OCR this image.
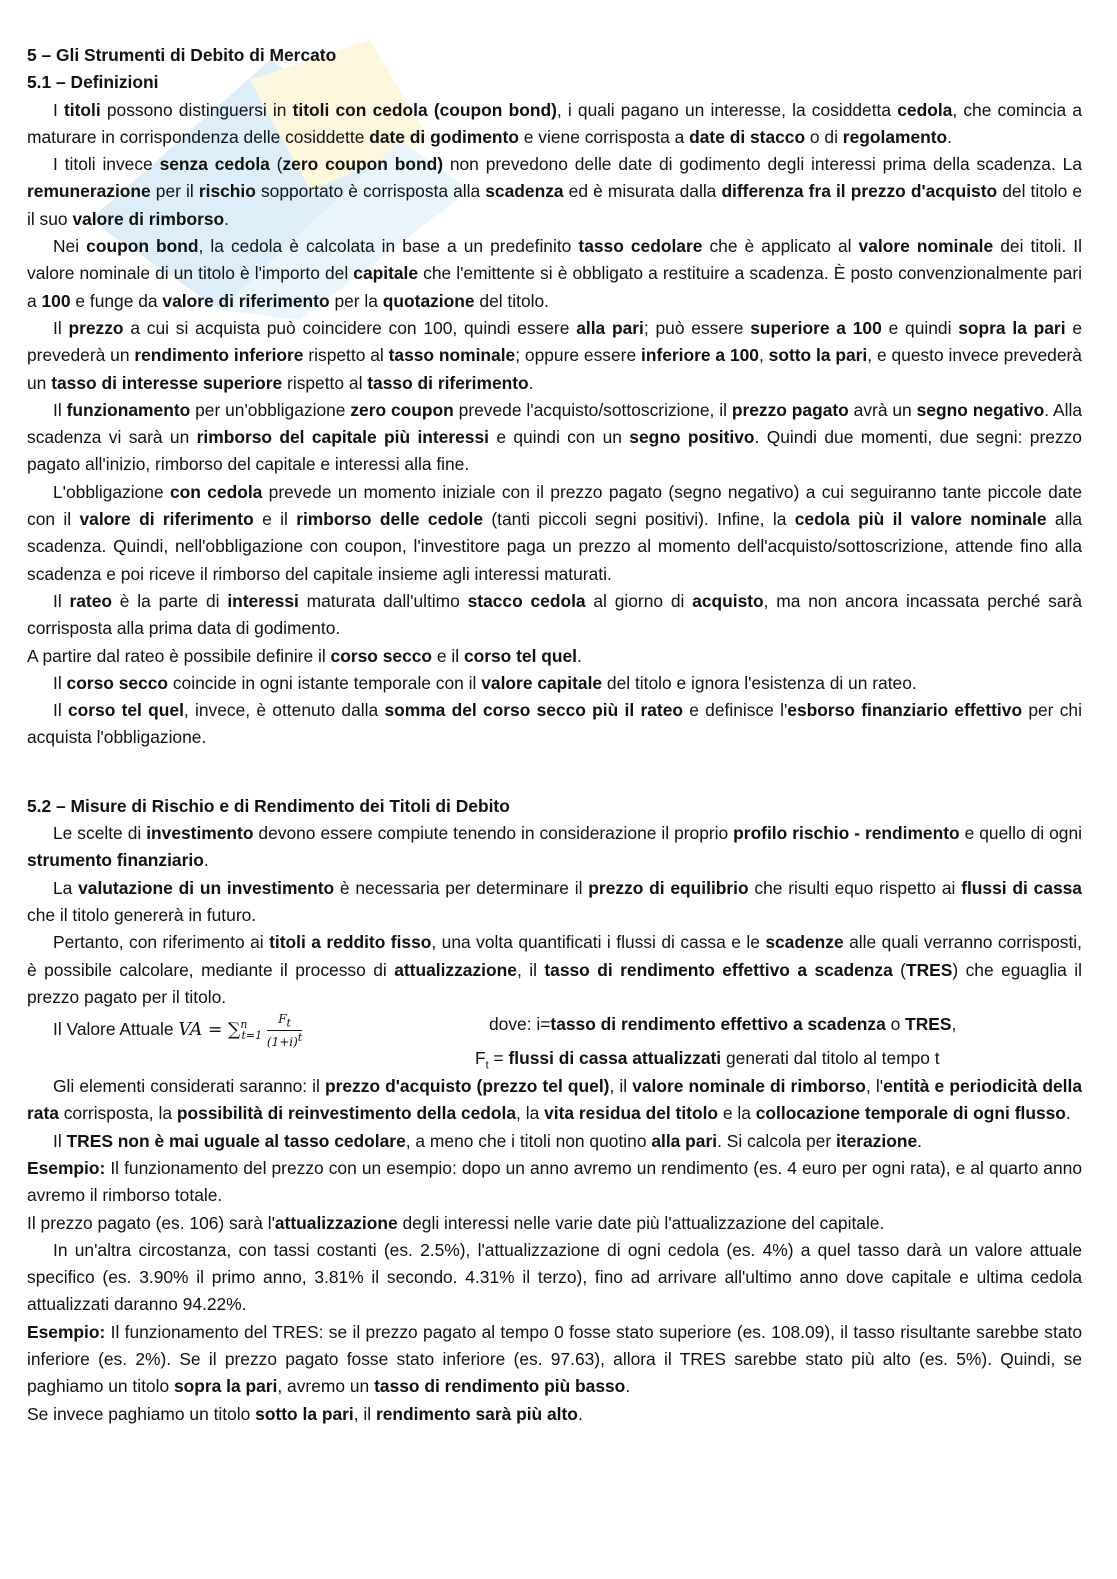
5 – Gli Strumenti di Debito di Mercato
5.1 – Definizioni

I titoli possono distinguersi in titoli con cedola (coupon bond), i quali pagano un interesse, la cosiddetta cedola, che comincia a maturare in corrispondenza delle cosiddette date di godimento e viene corrisposta a date di stacco o di regolamento.

I titoli invece senza cedola (zero coupon bond) non prevedono delle date di godimento degli interessi prima della scadenza. La remunerazione per il rischio sopportato è corrisposta alla scadenza ed è misurata dalla differenza fra il prezzo d'acquisto del titolo e il suo valore di rimborso.

Nei coupon bond, la cedola è calcolata in base a un predefinito tasso cedolare che è applicato al valore nominale dei titoli. Il valore nominale di un titolo è l'importo del capitale che l'emittente si è obbligato a restituire a scadenza. È posto convenzionalmente pari a 100 e funge da valore di riferimento per la quotazione del titolo.

Il prezzo a cui si acquista può coincidere con 100, quindi essere alla pari; può essere superiore a 100 e quindi sopra la pari e prevederà un rendimento inferiore rispetto al tasso nominale; oppure essere inferiore a 100, sotto la pari, e questo invece prevederà un tasso di interesse superiore rispetto al tasso di riferimento.

Il funzionamento per un'obbligazione zero coupon prevede l'acquisto/sottoscrizione, il prezzo pagato avrà un segno negativo. Alla scadenza vi sarà un rimborso del capitale più interessi e quindi con un segno positivo. Quindi due momenti, due segni: prezzo pagato all'inizio, rimborso del capitale e interessi alla fine.

L'obbligazione con cedola prevede un momento iniziale con il prezzo pagato (segno negativo) a cui seguiranno tante piccole date con il valore di riferimento e il rimborso delle cedole (tanti piccoli segni positivi). Infine, la cedola più il valore nominale alla scadenza. Quindi, nell'obbligazione con coupon, l'investitore paga un prezzo al momento dell'acquisto/sottoscrizione, attende fino alla scadenza e poi riceve il rimborso del capitale insieme agli interessi maturati.

Il rateo è la parte di interessi maturata dall'ultimo stacco cedola al giorno di acquisto, ma non ancora incassata perché sarà corrisposta alla prima data di godimento.

A partire dal rateo è possibile definire il corso secco e il corso tel quel.

Il corso secco coincide in ogni istante temporale con il valore capitale del titolo e ignora l'esistenza di un rateo.

Il corso tel quel, invece, è ottenuto dalla somma del corso secco più il rateo e definisce l'esborso finanziario effettivo per chi acquista l'obbligazione.

5.2 – Misure di Rischio e di Rendimento dei Titoli di Debito

Le scelte di investimento devono essere compiute tenendo in considerazione il proprio profilo rischio - rendimento e quello di ogni strumento finanziario.

La valutazione di un investimento è necessaria per determinare il prezzo di equilibrio che risulti equo rispetto ai flussi di cassa che il titolo genererà in futuro.

Pertanto, con riferimento ai titoli a reddito fisso, una volta quantificati i flussi di cassa e le scadenze alle quali verranno corrisposti, è possibile calcolare, mediante il processo di attualizzazione, il tasso di rendimento effettivo a scadenza (TRES) che eguaglia il prezzo pagato per il titolo.

Il Valore Attuale VA = $\sum^n_{t=1} \frac{F_t}{(1+i)^t}$	dove: i=tasso di rendimento effettivo a scadenza o TRES,
$F_t$ = flussi di cassa attualizzati generati dal titolo al tempo t

Gli elementi considerati saranno: il prezzo d'acquisto (prezzo tel quel), il valore nominale di rimborso, l'entità e periodicità della rata corrisposta, la possibilità di reinvestimento della cedola, la vita residua del titolo e la collocazione temporale di ogni flusso.

Il TRES non è mai uguale al tasso cedolare, a meno che i titoli non quotino alla pari. Si calcola per iterazione.

Esempio: Il funzionamento del prezzo con un esempio: dopo un anno avremo un rendimento (es. 4 euro per ogni rata), e al quarto anno avremo il rimborso totale.

Il prezzo pagato (es. 106) sarà l'attualizzazione degli interessi nelle varie date più l'attualizzazione del capitale.

In un'altra circostanza, con tassi costanti (es. 2.5%), l'attualizzazione di ogni cedola (es. 4%) a quel tasso darà un valore attuale specifico (es. 3.90% il primo anno, 3.81% il secondo. 4.31% il terzo), fino ad arrivare all'ultimo anno dove capitale e ultima cedola attualizzati daranno 94.22%.

Esempio: Il funzionamento del TRES: se il prezzo pagato al tempo 0 fosse stato superiore (es. 108.09), il tasso risultante sarebbe stato inferiore (es. 2%). Se il prezzo pagato fosse stato inferiore (es. 97.63), allora il TRES sarebbe stato più alto (es. 5%). Quindi, se paghiamo un titolo sopra la pari, avremo un tasso di rendimento più basso.

Se invece paghiamo un titolo sotto la pari, il rendimento sarà più alto.
